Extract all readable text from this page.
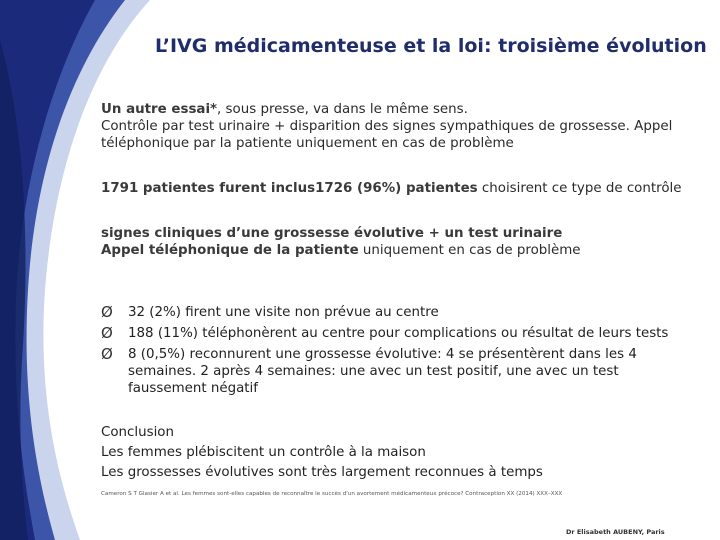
L’IVG médicamenteuse et la loi: troisième évolution
Un autre essai*, sous presse, va dans le même sens.
Contrôle par test urinaire + disparition des signes sympathiques de grossesse. Appel téléphonique par la patiente uniquement en cas de problème
1791 patientes furent inclus1726 (96%) patientes choisirent ce type de contrôle
signes cliniques d’une grossesse évolutive + un test urinaire
Appel téléphonique de la patiente uniquement en cas de problème
Ø 32 (2%) firent une visite non prévue au centre
Ø 188 (11%) téléphonèrent au centre pour complications ou résultat de leurs tests
Ø 8 (0,5%) reconnurent une grossesse évolutive: 4 se présentèrent dans les 4 semaines. 2 après 4 semaines: une avec un test positif, une avec un test faussement négatif
Conclusion
Les femmes plébiscitent un contrôle à la maison
Les grossesses évolutives sont très largement reconnues à temps
Cameron S T Glasier A et al. Les femmes sont-elles capables de reconnaître le succès d'un avortement médicamenteux précoce? Contraception XX (2014) XXX–XXX
Dr Elisabeth AUBENY, Paris
